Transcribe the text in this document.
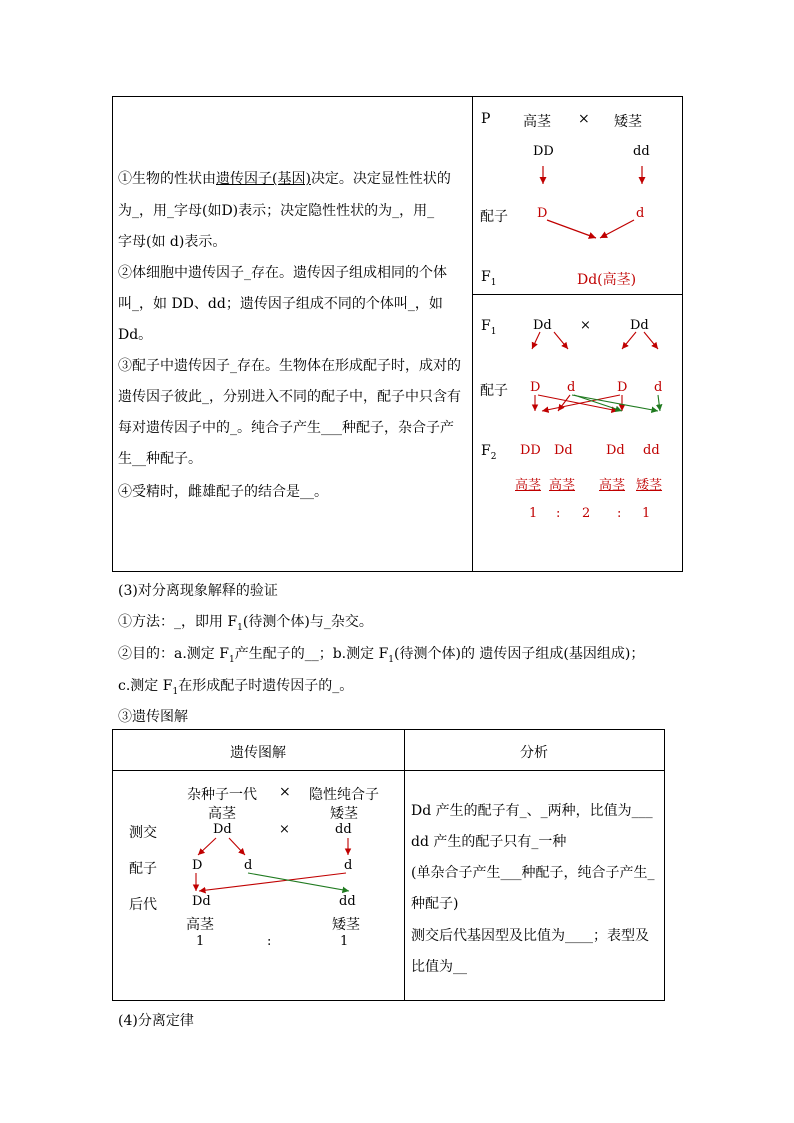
①生物的性状由遗传因子(基因)决定。决定显性性状的
为_，用_字母(如D)表示；决定隐性性状的为_，用_
字母(如 d)表示。
②体细胞中遗传因子_存在。遗传因子组成相同的个体
叫_，如 DD、dd；遗传因子组成不同的个体叫_，如
Dd。
③配子中遗传因子_存在。生物体在形成配子时，成对的
遗传因子彼此_，分别进入不同的配子中，配子中只含有
每对遗传因子中的_。纯合子产生___种配子，杂合子产
生__种配子。
④受精时，雌雄配子的结合是__。
P 高茎 × 矮茎
DD	dd
配子 D	d
$F_1$	Dd(高茎)
$F_1$	Dd ×	Dd
配子 D d	D d
$F_2$ DD Dd	Dd dd
高茎 高茎 高茎 矮茎
1 : 2 : 1
(3)对分离现象解释的验证
①方法：_，即用 $F_1$(待测个体)与_杂交。
②目的：a.测定 $F_1$产生配子的__；b.测定 $F_1$(待测个体)的 遗传因子组成(基因组成)；
c.测定 $F_1$在形成配子时遗传因子的_。
③遗传图解
遗传图解	分析
杂种子一代 × 隐性纯合子
高茎	矮茎
测交	Dd	×	dd
配子	D	d	d
后代	Dd	dd
高茎	矮茎
1	:	1
Dd 产生的配子有_、_两种，比值为___
dd 产生的配子只有_一种
(单杂合子产生___种配子，纯合子产生_
种配子)
测交后代基因型及比值为____；表型及
比值为__
(4)分离定律
